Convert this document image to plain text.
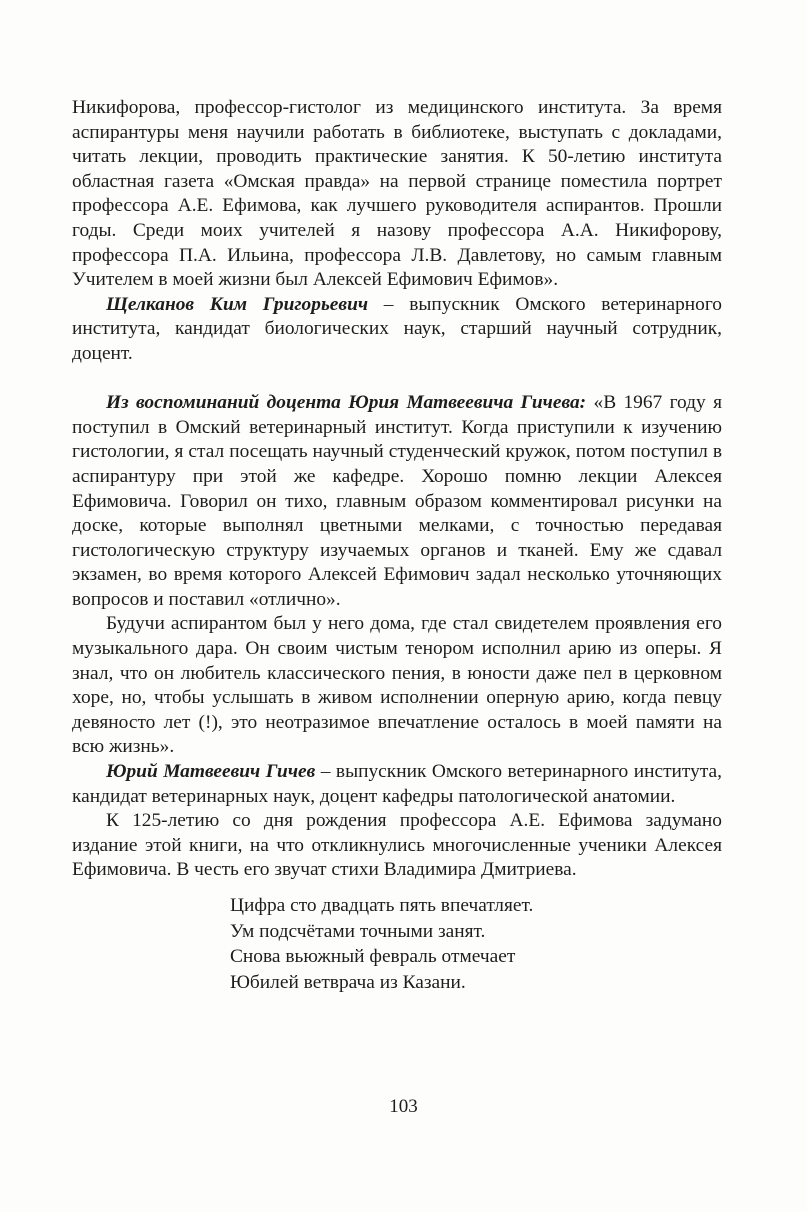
Никифорова, профессор-гистолог из медицинского института. За время аспирантуры меня научили работать в библиотеке, выступать с докладами, читать лекции, проводить практические занятия. К 50-летию института областная газета «Омская правда» на первой странице поместила портрет профессора А.Е. Ефимова, как лучшего руководителя аспирантов. Прошли годы. Среди моих учителей я назову профессора А.А. Никифорову, профессора П.А. Ильина, профессора Л.В. Давлетову, но самым главным Учителем в моей жизни был Алексей Ефимович Ефимов».

Щелканов Ким Григорьевич – выпускник Омского ветеринарного института, кандидат биологических наук, старший научный сотрудник, доцент.

Из воспоминаний доцента Юрия Матвеевича Гичева: «В 1967 году я поступил в Омский ветеринарный институт. Когда приступили к изучению гистологии, я стал посещать научный студенческий кружок, потом поступил в аспирантуру при этой же кафедре. Хорошо помню лекции Алексея Ефимовича. Говорил он тихо, главным образом комментировал рисунки на доске, которые выполнял цветными мелками, с точностью передавая гистологическую структуру изучаемых органов и тканей. Ему же сдавал экзамен, во время которого Алексей Ефимович задал несколько уточняющих вопросов и поставил «отлично».

Будучи аспирантом был у него дома, где стал свидетелем проявления его музыкального дара. Он своим чистым тенором исполнил арию из оперы. Я знал, что он любитель классического пения, в юности даже пел в церковном хоре, но, чтобы услышать в живом исполнении оперную арию, когда певцу девяносто лет (!), это неотразимое впечатление осталось в моей памяти на всю жизнь».

Юрий Матвеевич Гичев – выпускник Омского ветеринарного института, кандидат ветеринарных наук, доцент кафедры патологической анатомии.

К 125-летию со дня рождения профессора А.Е. Ефимова задумано издание этой книги, на что откликнулись многочисленные ученики Алексея Ефимовича. В честь его звучат стихи Владимира Дмитриева.

Цифра сто двадцать пять впечатляет.
Ум подсчётами точными занят.
Снова вьюжный февраль отмечает
Юбилей ветврача из Казани.
103
